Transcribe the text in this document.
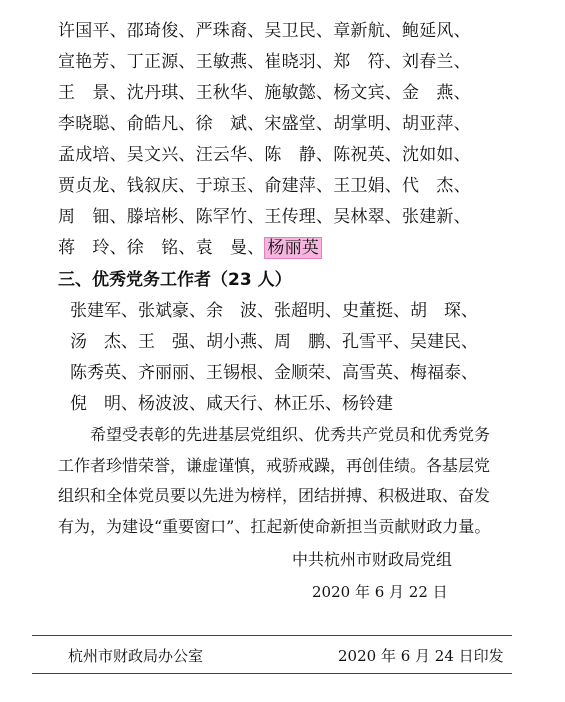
许国平、邵琦俊、严珠裔、吴卫民、章新航、鲍延风、
宣艳芳、丁正源、王敏燕、崔晓羽、郑　符、刘春兰、
王　景、沈丹琪、王秋华、施敏懿、杨文宾、金　燕、
李晓聪、俞皓凡、徐　斌、宋盛堂、胡掌明、胡亚萍、
孟成培、吴文兴、汪云华、陈　静、陈祝英、沈如如、
贾贞龙、钱叙庆、于琼玉、俞建萍、王卫娟、代　杰、
周　钿、滕培彬、陈罕竹、王传理、吴林翠、张建新、
蒋　玲、徐　铭、袁　曼、 杨丽英
三、优秀党务工作者（23 人）
张建军、张斌豪、余　波、张超明、史董挺、胡　琛、
汤　杰、王　强、胡小燕、周　鹏、孔雪平、吴建民、
陈秀英、齐丽丽、王锡根、金顺荣、高雪英、梅福泰、
倪　明、杨波波、咸天行、林正乐、杨铃建
　　希望受表彰的先进基层党组织、优秀共产党员和优秀党务
工作者珍惜荣誉，谦虚谨慎，戒骄戒躁，再创佳绩。各基层党
组织和全体党员要以先进为榜样，团结拼搏、积极进取、奋发
有为，为建设“重要窗口”、扛起新使命新担当贡献财政力量。
中共杭州市财政局党组
2020 年 6 月 22 日
杭州市财政局办公室	2020 年 6 月 24 日印发
